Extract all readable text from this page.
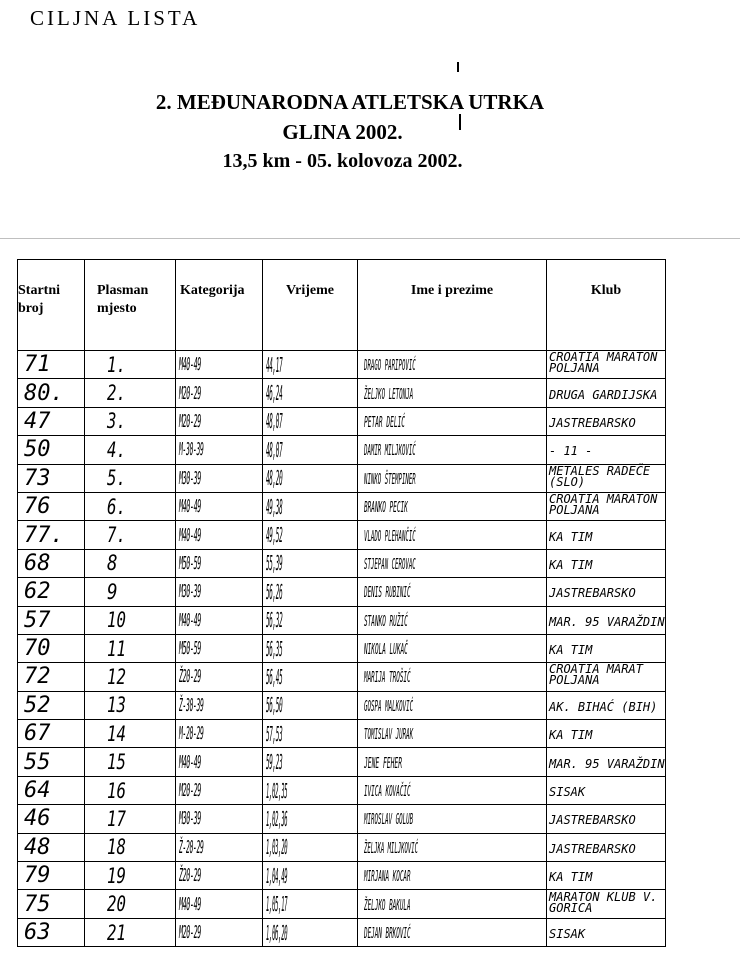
CILJNA LISTA
2. MEĐUNARODNA ATLETSKA UTRKA
GLINA 2002.
13,5 km - 05. kolovoza 2002.
Startni broj	Plasman mjesto	Kategorija	Vrijeme	Ime i prezime	Klub
71	1.	M40-49	44,17	DRAGO PARIPOVIĆ	CROATIA MARATON POLJANA
80.	2.	M20-29	46,24	ŽELJKO LETONJA	DRUGA GARDIJSKA
47	3.	M20-29	48,07	PETAR DELIĆ	JASTREBARSKO
50	4.	M-30-39	48,07	DAMIR MILJKOVIĆ	- 11 -
73	5.	M30-39	48,20	NINKO ŠTEMPINER	METALES RADEČE (SLO)
76	6.	M40-49	49,38	BRANKO PECIK	CROATIA MARATON POLJANA
77.	7.	M40-49	49,52	VLADO PLEHANČIĆ	KA TIM
68	8	M50-59	55,39	STJEPAN CEROVAC	KA TIM
62	9	M30-39	56,26	DENIS RUBINIĆ	JASTREBARSKO
57	10	M40-49	56,32	STANKO RUŽIĆ	MAR. 95 VARAŽDIN
70	11	M50-59	56,35	NIKOLA LUKAČ	KA TIM
72	12	Ž20-29	56,45	MARIJA TROŠIĆ	CROATIA MARAT POLJANA
52	13	Ž-30-39	56,50	GOSPA MALKOVIĆ	AK. BIHAĆ (BIH)
67	14	M-20-29	57,53	TOMISLAV JURAK	KA TIM
55	15	M40-49	59,23	JENE FEHER	MAR. 95 VARAŽDIN
64	16	M20-29	1,02,35	IVICA KOVAČIĆ	SISAK
46	17	M30-39	1,02,36	MIROSLAV GOLUB	JASTREBARSKO
48	18	Ž-20-29	1,03,20	ŽELJKA MILJKOVIĆ	JASTREBARSKO
79	19	Ž20-29	1,04,49	MIRJANA KOCAR	KA TIM
75	20	M40-49	1,05,17	ŽELJKO BAKULA	MARATON KLUB V. GORICA
63	21	M20-29	1,06,20	DEJAN BRKOVIĆ	SISAK
